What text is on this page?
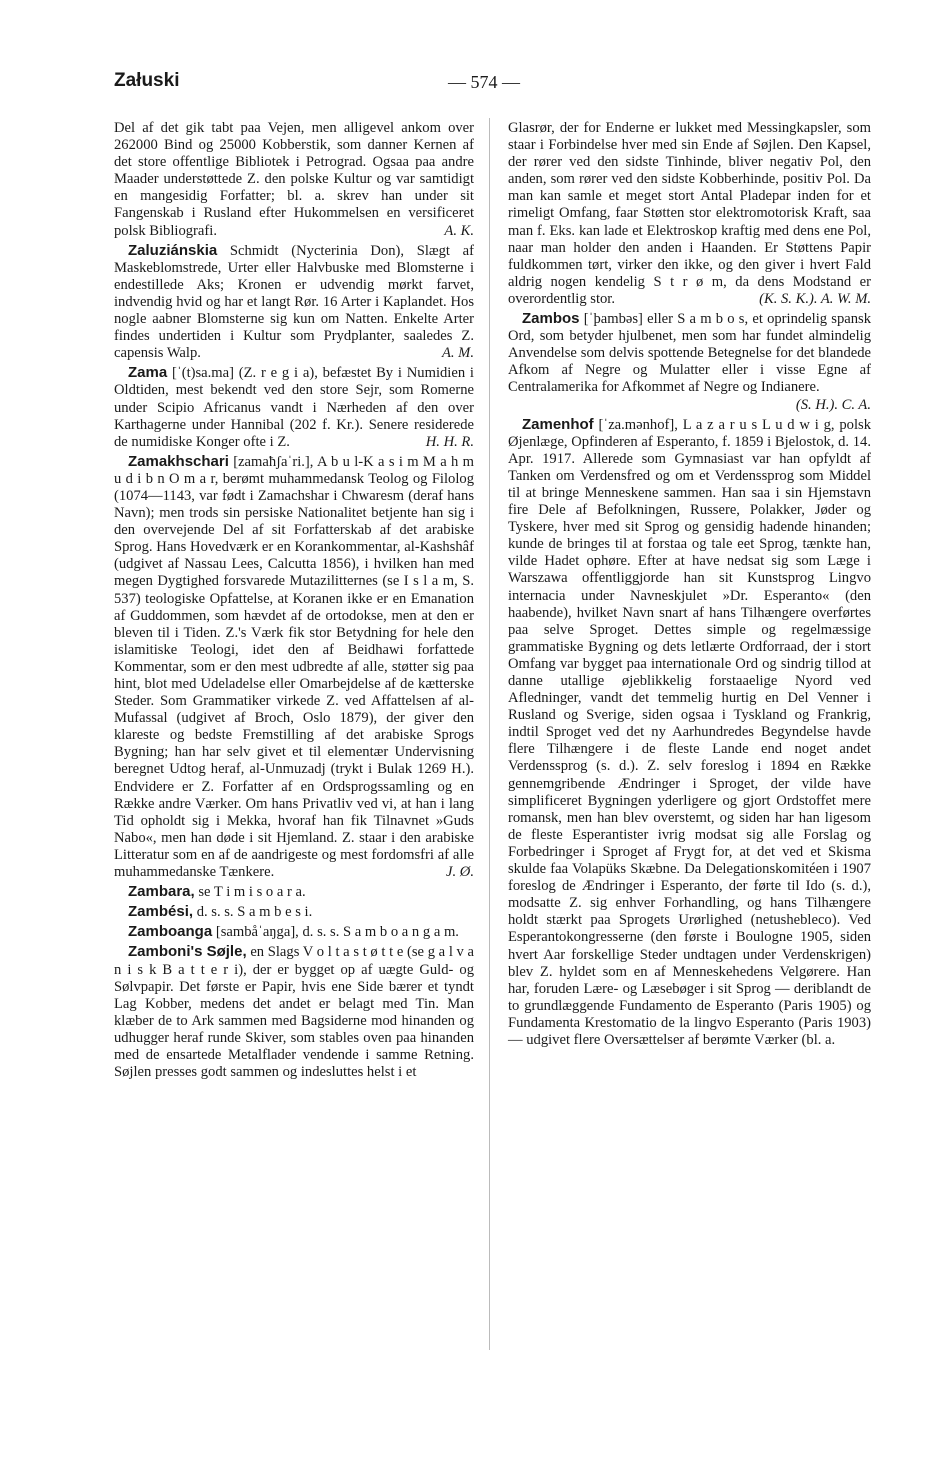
Załuski	— 574 —

Del af det gik tabt paa Vejen, men alligevel ankom over 262000 Bind og 25000 Kobberstik, som danner Kernen af det store offentlige Bibliotek i Petrograd. Ogsaa paa andre Maader understøttede Z. den polske Kultur og var samtidigt en mangesidig Forfatter; bl. a. skrev han under sit Fangenskab i Rusland efter Hukommelsen en versificeret polsk Bibliografi.	A. K.

Zaluziánskia Schmidt (Nycterinia Don), Slægt af Maskeblomstrede, Urter eller Halvbuske med Blomsterne i endestillede Aks; Kronen er udvendig mørkt farvet, indvendig hvid og har et langt Rør. 16 Arter i Kaplandet. Hos nogle aabner Blomsterne sig kun om Natten. Enkelte Arter findes undertiden i Kultur som Prydplanter, saaledes Z. capensis Walp.	A. M.

Zama [ˈ(t)sa.ma] (Z. r e g i a), befæstet By i Numidien i Oldtiden, mest bekendt ved den store Sejr, som Romerne under Scipio Africanus vandt i Nærheden af den over Karthagerne under Hannibal (202 f. Kr.). Senere residerede de numidiske Konger ofte i Z.	H. H. R.

Zamakhschari [zamaħʃaˈri.], A b u l-K a s i m M a h m u d i b n O m a r, berømt muhammedansk Teolog og Filolog (1074—1143, var født i Zamachshar i Chwaresm (deraf hans Navn); men trods sin persiske Nationalitet betjente han sig i den overvejende Del af sit Forfatterskab af det arabiske Sprog. Hans Hovedværk er en Korankommentar, al-Kashshâf (udgivet af Nassau Lees, Calcutta 1856), i hvilken han med megen Dygtighed forsvarede Mutazilitternes (se I s l a m, S. 537) teologiske Opfattelse, at Koranen ikke er en Emanation af Guddommen, som hævdet af de ortodokse, men at den er bleven til i Tiden. Z.'s Værk fik stor Betydning for hele den islamitiske Teologi, idet den af Beidhawi forfattede Kommentar, som er den mest udbredte af alle, støtter sig paa hint, blot med Udeladelse eller Omarbejdelse af de kætterske Steder. Som Grammatiker virkede Z. ved Affattelsen af al-Mufassal (udgivet af Broch, Oslo 1879), der giver den klareste og bedste Fremstilling af det arabiske Sprogs Bygning; han har selv givet et til elementær Undervisning beregnet Udtog heraf, al-Unmuzadj (trykt i Bulak 1269 H.). Endvidere er Z. Forfatter af en Ordsprogssamling og en Række andre Værker. Om hans Privatliv ved vi, at han i lang Tid opholdt sig i Mekka, hvoraf han fik Tilnavnet »Guds Nabo«, men han døde i sit Hjemland. Z. staar i den arabiske Litteratur som en af de aandrigeste og mest fordomsfri af alle muhammedanske Tænkere.	J. Ø.

Zambara, se T i m i s o a r a.

Zambési, d. s. s. S a m b e s i.

Zamboanga [sambåˈaŋga], d. s. s. S a m b o a n g a m.

Zamboni's Søjle, en Slags V o l t a s t ø t t e (se g a l v a n i s k B a t t e r i), der er bygget op af uægte Guld- og Sølvpapir. Det første er Papir, hvis ene Side bærer et tyndt Lag Kobber, medens det andet er belagt med Tin. Man klæber de to Ark sammen med Bagsiderne mod hinanden og udhugger heraf runde Skiver, som stables oven paa hinanden med de ensartede Metalflader vendende i samme Retning. Søjlen presses godt sammen og indesluttes helst i et

Glasrør, der for Enderne er lukket med Messingkapsler, som staar i Forbindelse hver med sin Ende af Søjlen. Den Kapsel, der rører ved den sidste Tinhinde, bliver negativ Pol, den anden, som rører ved den sidste Kobberhinde, positiv Pol. Da man kan samle et meget stort Antal Pladepar inden for et rimeligt Omfang, faar Støtten stor elektromotorisk Kraft, saa man f. Eks. kan lade et Elektroskop kraftig med dens ene Pol, naar man holder den anden i Haanden. Er Støttens Papir fuldkommen tørt, virker den ikke, og den giver i hvert Fald aldrig nogen kendelig S t r ø m, da dens Modstand er overordentlig stor.	(K. S. K.). A. W. M.

Zambos [ˈþambəs] eller S a m b o s, et oprindelig spansk Ord, som betyder hjulbenet, men som har fundet almindelig Anvendelse som delvis spottende Betegnelse for det blandede Afkom af Negre og Mulatter eller i visse Egne af Centralamerika for Afkommet af Negre og Indianere.
(S. H.). C. A.

Zamenhof [ˈza.mənhof], L a z a r u s L u d w i g, polsk Øjenlæge, Opfinderen af Esperanto, f. 1859 i Bjelostok, d. 14. Apr. 1917. Allerede som Gymnasiast var han opfyldt af Tanken om Verdensfred og om et Verdenssprog som Middel til at bringe Menneskene sammen. Han saa i sin Hjemstavn fire Dele af Befolkningen, Russere, Polakker, Jøder og Tyskere, hver med sit Sprog og gensidig hadende hinanden; kunde de bringes til at forstaa og tale eet Sprog, tænkte han, vilde Hadet ophøre. Efter at have nedsat sig som Læge i Warszawa offentliggjorde han sit Kunstsprog Lingvo internacia under Navneskjulet »Dr. Esperanto« (den haabende), hvilket Navn snart af hans Tilhængere overførtes paa selve Sproget. Dettes simple og regelmæssige grammatiske Bygning og dets letlærte Ordforraad, der i stort Omfang var bygget paa internationale Ord og sindrig tillod at danne utallige øjeblikkelig forstaaelige Nyord ved Afledninger, vandt det temmelig hurtig en Del Venner i Rusland og Sverige, siden ogsaa i Tyskland og Frankrig, indtil Sproget ved det ny Aarhundredes Begyndelse havde flere Tilhængere i de fleste Lande end noget andet Verdenssprog (s. d.). Z. selv foreslog i 1894 en Række gennemgribende Ændringer i Sproget, der vilde have simplificeret Bygningen yderligere og gjort Ordstoffet mere romansk, men han blev overstemt, og siden har han ligesom de fleste Esperantister ivrig modsat sig alle Forslag og Forbedringer i Sproget af Frygt for, at det ved et Skisma skulde faa Volapüks Skæbne. Da Delegationskomitéen i 1907 foreslog de Ændringer i Esperanto, der førte til Ido (s. d.), modsatte Z. sig enhver Forhandling, og hans Tilhængere holdt stærkt paa Sprogets Urørlighed (netushebleco). Ved Esperantokongresserne (den første i Boulogne 1905, siden hvert Aar forskellige Steder undtagen under Verdenskrigen) blev Z. hyldet som en af Menneskehedens Velgørere. Han har, foruden Lære- og Læsebøger i sit Sprog — deriblandt de to grundlæggende Fundamento de Esperanto (Paris 1905) og Fundamenta Krestomatio de la lingvo Esperanto (Paris 1903) — udgivet flere Oversættelser af berømte Værker (bl. a.
